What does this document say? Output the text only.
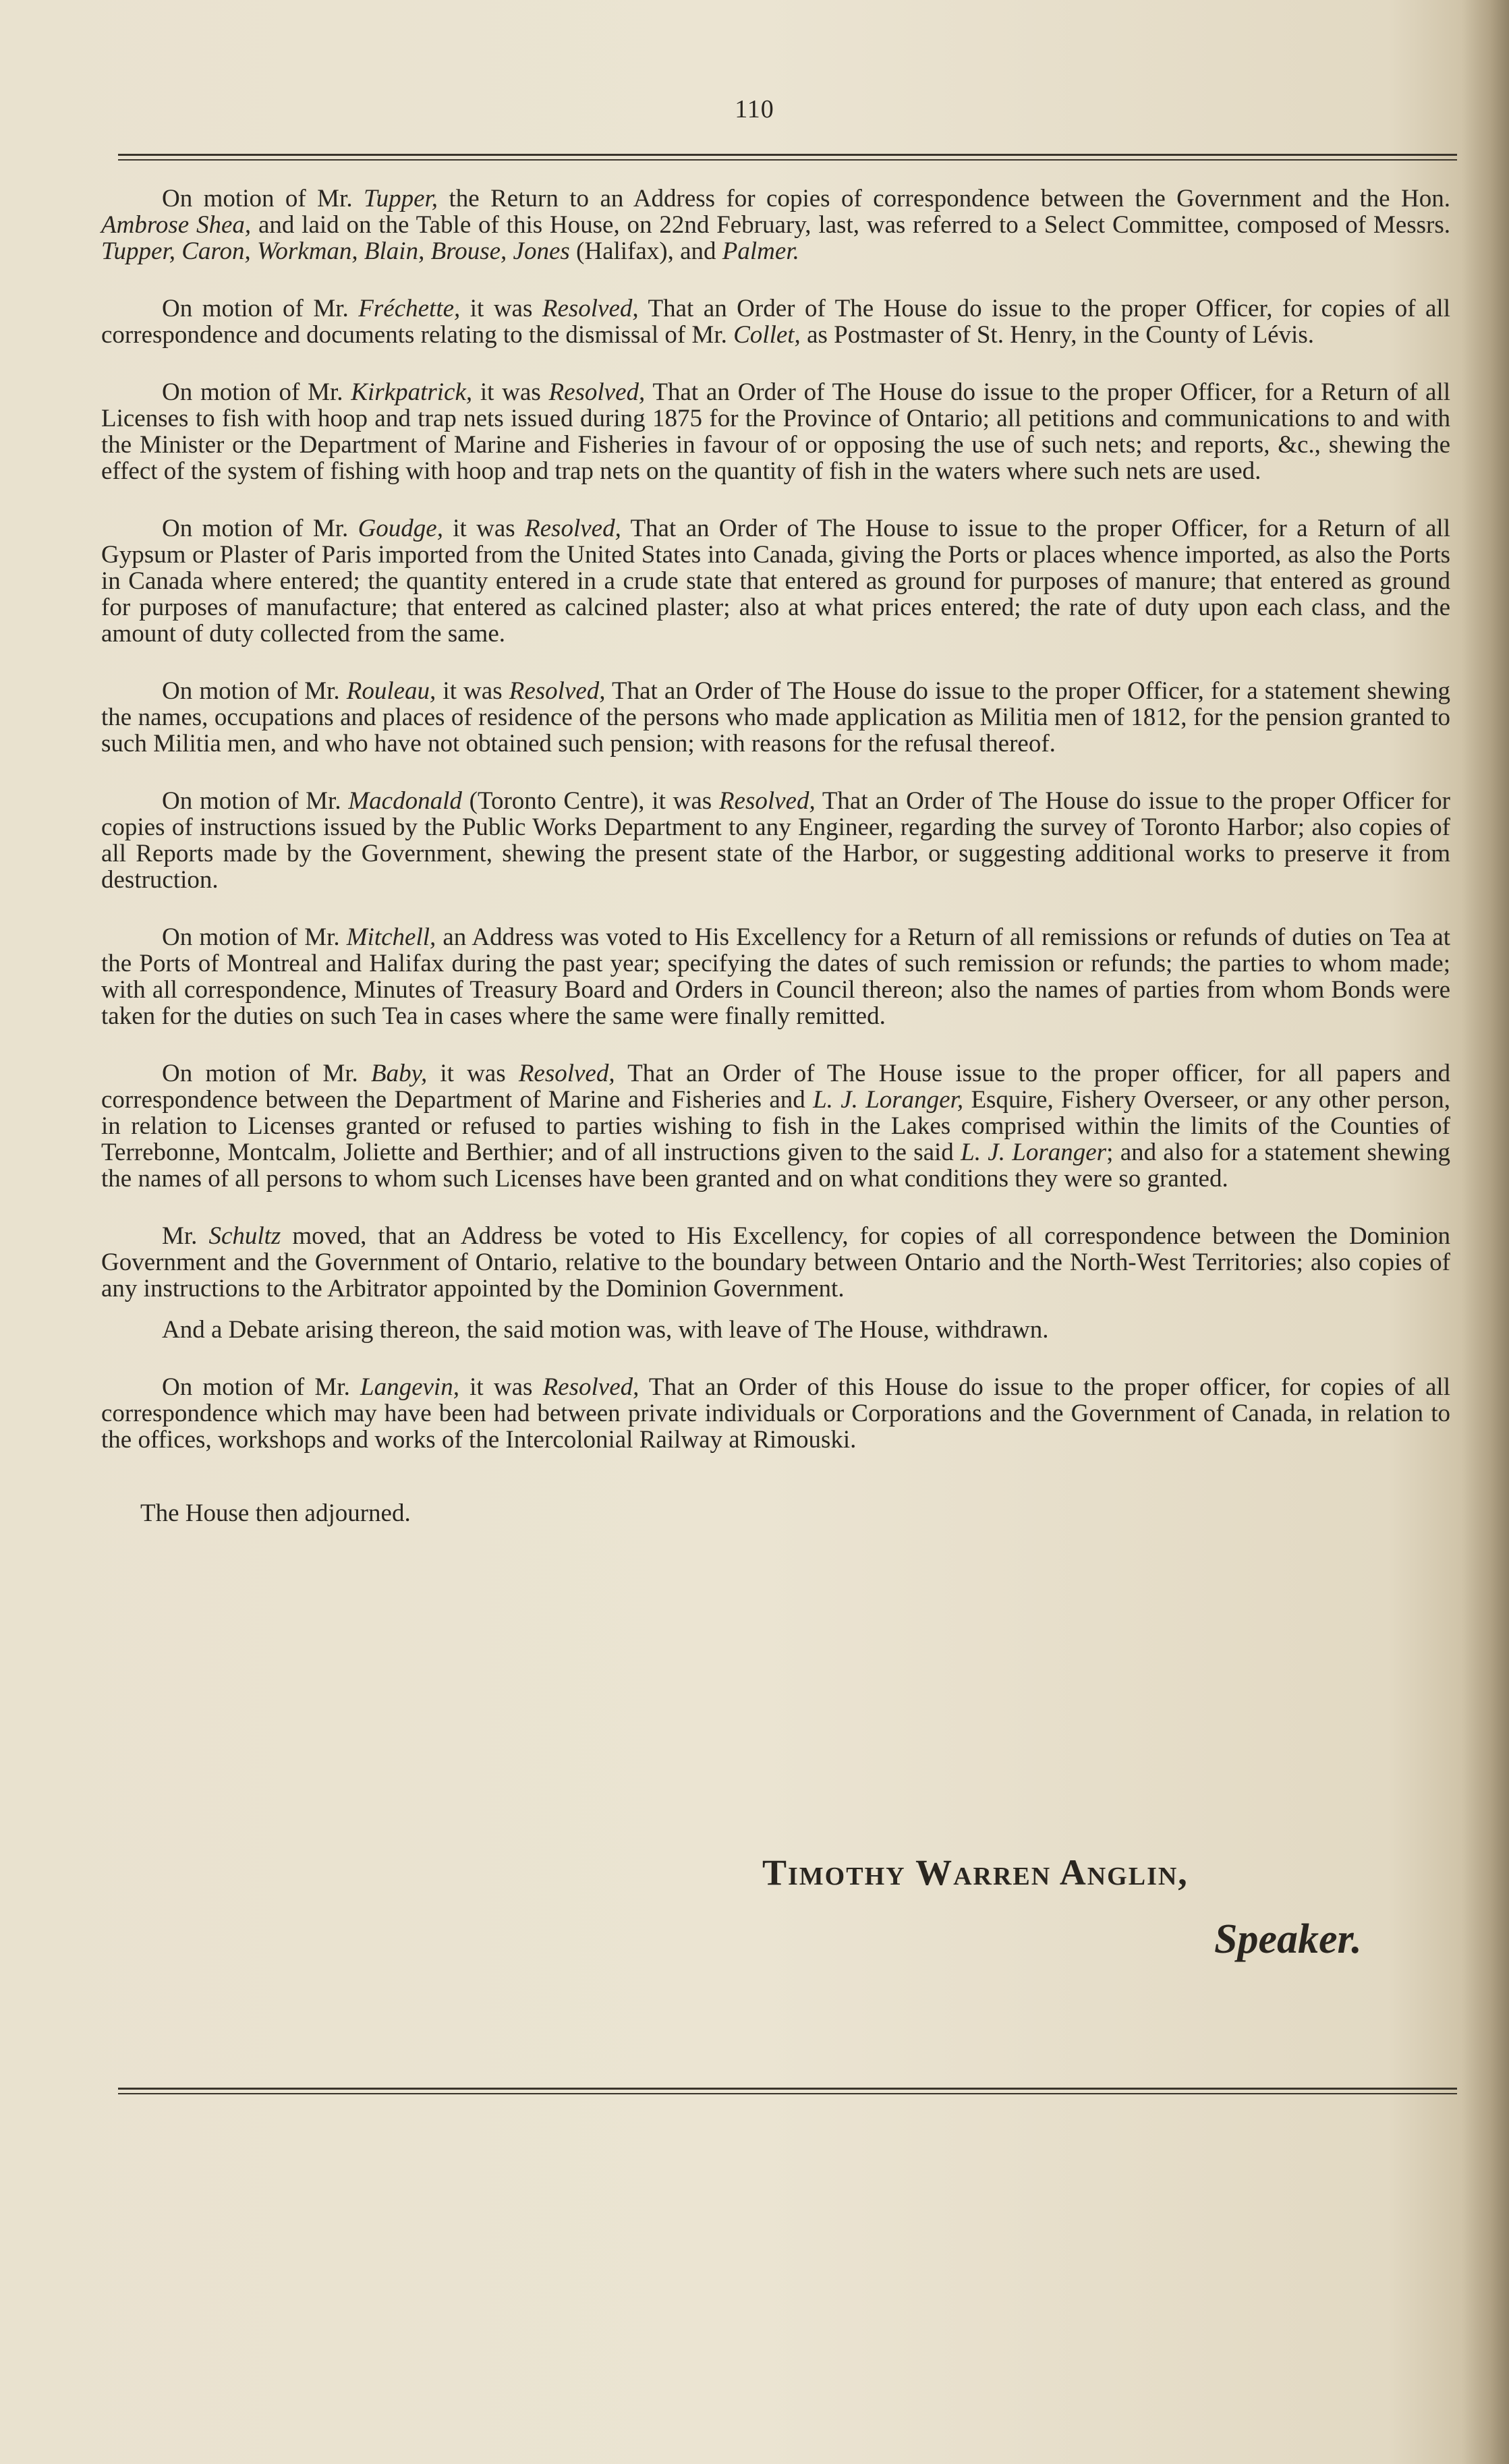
110

On motion of Mr. Tupper, the Return to an Address for copies of correspondence between the Government and the Hon. Ambrose Shea, and laid on the Table of this House, on 22nd February, last, was referred to a Select Committee, composed of Messrs. Tupper, Caron, Workman, Blain, Brouse, Jones (Halifax), and Palmer.

On motion of Mr. Fréchette, it was Resolved, That an Order of The House do issue to the proper Officer, for copies of all correspondence and documents relating to the dismissal of Mr. Collet, as Postmaster of St. Henry, in the County of Lévis.

On motion of Mr. Kirkpatrick, it was Resolved, That an Order of The House do issue to the proper Officer, for a Return of all Licenses to fish with hoop and trap nets issued during 1875 for the Province of Ontario; all petitions and communications to and with the Minister or the Department of Marine and Fisheries in favour of or opposing the use of such nets; and reports, &c., shewing the effect of the system of fishing with hoop and trap nets on the quantity of fish in the waters where such nets are used.

On motion of Mr. Goudge, it was Resolved, That an Order of The House to issue to the proper Officer, for a Return of all Gypsum or Plaster of Paris imported from the United States into Canada, giving the Ports or places whence imported, as also the Ports in Canada where entered; the quantity entered in a crude state that entered as ground for purposes of manure; that entered as ground for purposes of manufacture; that entered as calcined plaster; also at what prices entered; the rate of duty upon each class, and the amount of duty collected from the same.

On motion of Mr. Rouleau, it was Resolved, That an Order of The House do issue to the proper Officer, for a statement shewing the names, occupations and places of residence of the persons who made application as Militia men of 1812, for the pension granted to such Militia men, and who have not obtained such pension; with reasons for the refusal thereof.

On motion of Mr. Macdonald (Toronto Centre), it was Resolved, That an Order of The House do issue to the proper Officer for copies of instructions issued by the Public Works Department to any Engineer, regarding the survey of Toronto Harbor; also copies of all Reports made by the Government, shewing the present state of the Harbor, or suggesting additional works to preserve it from destruction.

On motion of Mr. Mitchell, an Address was voted to His Excellency for a Return of all remissions or refunds of duties on Tea at the Ports of Montreal and Halifax during the past year; specifying the dates of such remission or refunds; the parties to whom made; with all correspondence, Minutes of Treasury Board and Orders in Council thereon; also the names of parties from whom Bonds were taken for the duties on such Tea in cases where the same were finally remitted.

On motion of Mr. Baby, it was Resolved, That an Order of The House issue to the proper officer, for all papers and correspondence between the Department of Marine and Fisheries and L. J. Loranger, Esquire, Fishery Overseer, or any other person, in relation to Licenses granted or refused to parties wishing to fish in the Lakes comprised within the limits of the Counties of Terrebonne, Montcalm, Joliette and Berthier; and of all instructions given to the said L. J. Loranger; and also for a statement shewing the names of all persons to whom such Licenses have been granted and on what conditions they were so granted.

Mr. Schultz moved, that an Address be voted to His Excellency, for copies of all correspondence between the Dominion Government and the Government of Ontario, relative to the boundary between Ontario and the North-West Territories; also copies of any instructions to the Arbitrator appointed by the Dominion Government.

And a Debate arising thereon, the said motion was, with leave of The House, withdrawn.

On motion of Mr. Langevin, it was Resolved, That an Order of this House do issue to the proper officer, for copies of all correspondence which may have been had between private individuals or Corporations and the Government of Canada, in relation to the offices, workshops and works of the Intercolonial Railway at Rimouski.

The House then adjourned.

Timothy Warren Anglin,
Speaker.
